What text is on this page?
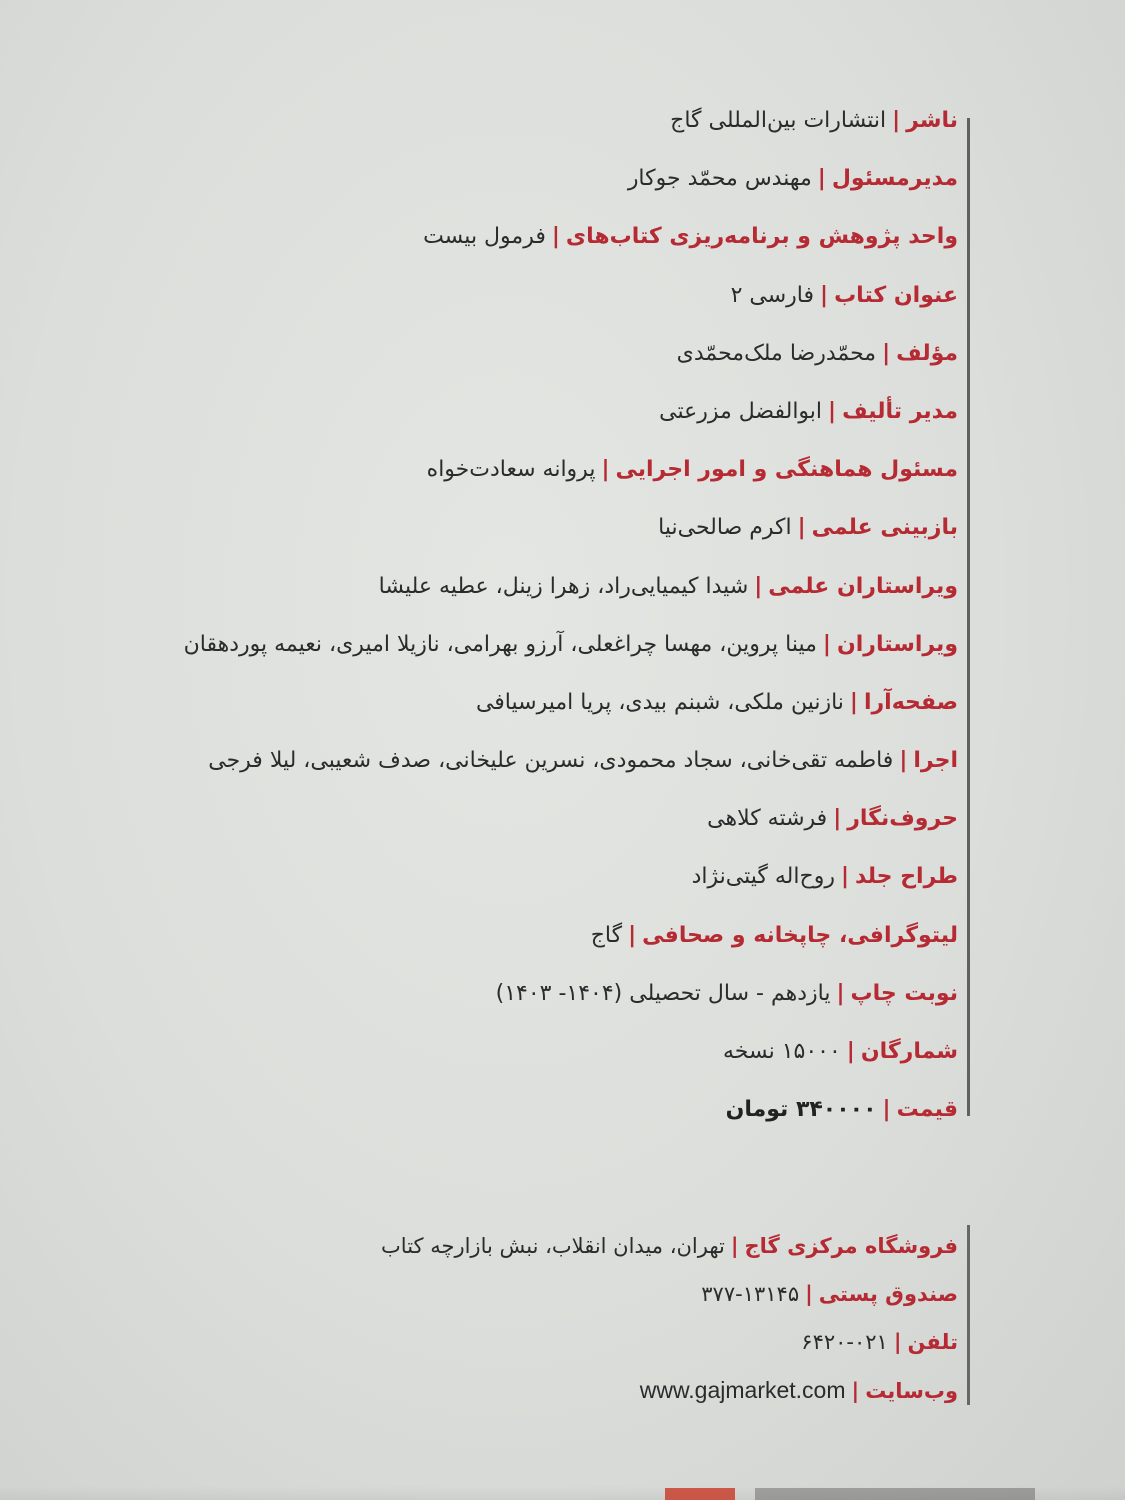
ناشر|انتشارات بین‌المللی گاج
مدیرمسئول|مهندس محمّد جوکار
واحد پژوهش و برنامه‌ریزی کتاب‌های|فرمول بیست
عنوان کتاب|فارسی ۲
مؤلف|محمّدرضا ملک‌محمّدی
مدیر تألیف|ابوالفضل مزرعتی
مسئول هماهنگی و امور اجرایی|پروانه سعادت‌خواه
بازبینی علمی|اکرم صالحی‌نیا
ویراستاران علمی|شیدا کیمیایی‌راد، زهرا زینل، عطیه علیشا
ویراستاران|مینا پروین، مهسا چراغعلی، آرزو بهرامی، نازیلا امیری، نعیمه پوردهقان
صفحه‌آرا|نازنین ملکی، شبنم بیدی، پریا امیرسیافی
اجرا|فاطمه تقی‌خانی، سجاد محمودی، نسرین علیخانی، صدف شعیبی، لیلا فرجی
حروف‌نگار|فرشته کلاهی
طراح جلد|روح‌اله گیتی‌نژاد
لیتوگرافی، چاپخانه و صحافی|گاج
نوبت چاپ|یازدهم - سال تحصیلی (۱۴۰۴- ۱۴۰۳)
شمارگان|۱۵۰۰۰ نسخه
قیمت|۳۴۰۰۰۰ تومان
فروشگاه مرکزی گاج|تهران، میدان انقلاب، نبش بازارچه کتاب
صندوق پستی|۱۳۱۴۵-۳۷۷
تلفن|۰۲۱-۶۴۲۰
وب‌سایت|www.gajmarket.com
